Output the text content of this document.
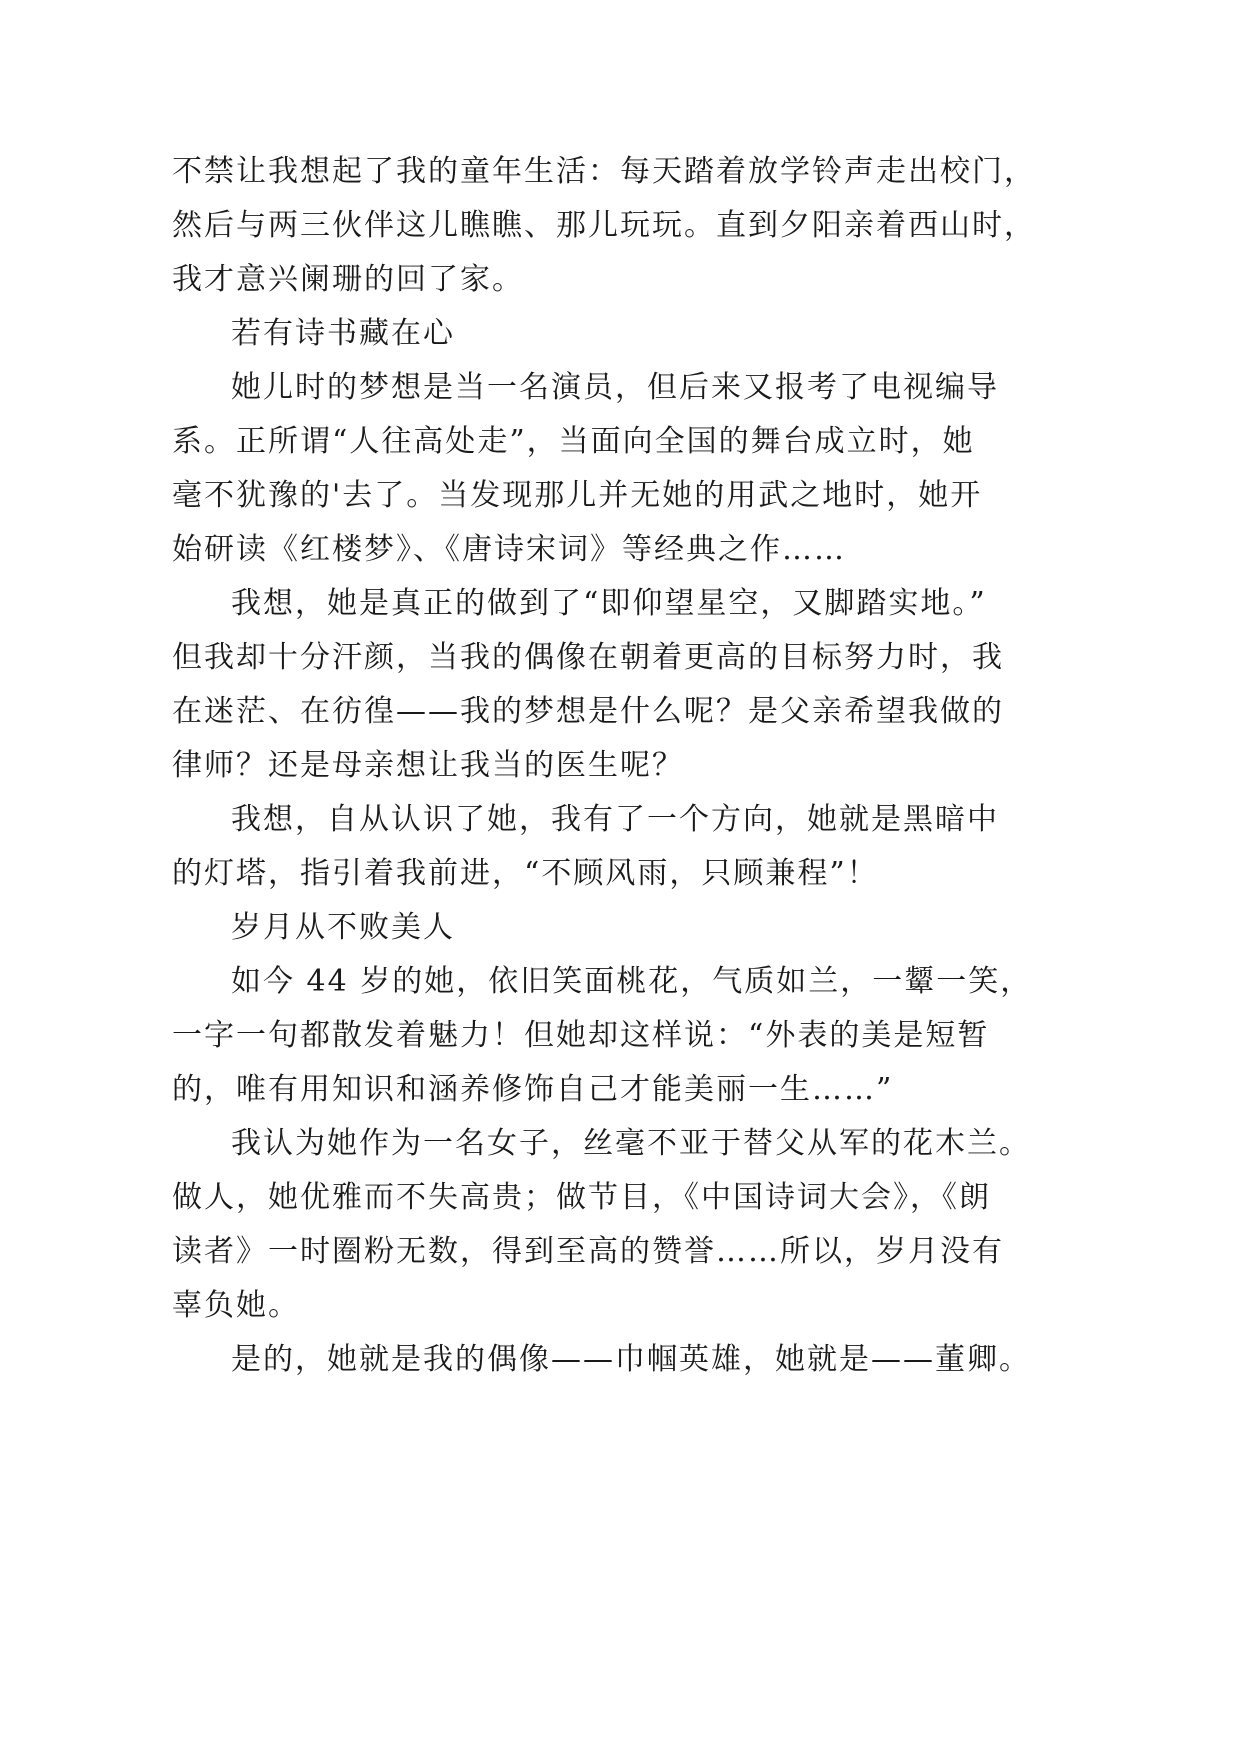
不禁让我想起了我的童年生活：每天踏着放学铃声走出校门，
然后与两三伙伴这儿瞧瞧、那儿玩玩。直到夕阳亲着西山时，
我才意兴阑珊的回了家。
若有诗书藏在心
她儿时的梦想是当一名演员，但后来又报考了电视编导
系。正所谓“人往高处走”，当面向全国的舞台成立时，她
毫不犹豫的'去了。当发现那儿并无她的用武之地时，她开
始研读《红楼梦》、《唐诗宋词》等经典之作……
我想，她是真正的做到了“即仰望星空，又脚踏实地。”
但我却十分汗颜，当我的偶像在朝着更高的目标努力时，我
在迷茫、在彷徨——我的梦想是什么呢？是父亲希望我做的
律师？还是母亲想让我当的医生呢？
我想，自从认识了她，我有了一个方向，她就是黑暗中
的灯塔，指引着我前进，“不顾风雨，只顾兼程”！
岁月从不败美人
如今 44 岁的她，依旧笑面桃花，气质如兰，一颦一笑，
一字一句都散发着魅力！但她却这样说：“外表的美是短暂
的，唯有用知识和涵养修饰自己才能美丽一生……”
我认为她作为一名女子，丝毫不亚于替父从军的花木兰。
做人，她优雅而不失高贵；做节目，《中国诗词大会》，《朗
读者》一时圈粉无数，得到至高的赞誉……所以，岁月没有
辜负她。
是的，她就是我的偶像——巾帼英雄，她就是——董卿。
